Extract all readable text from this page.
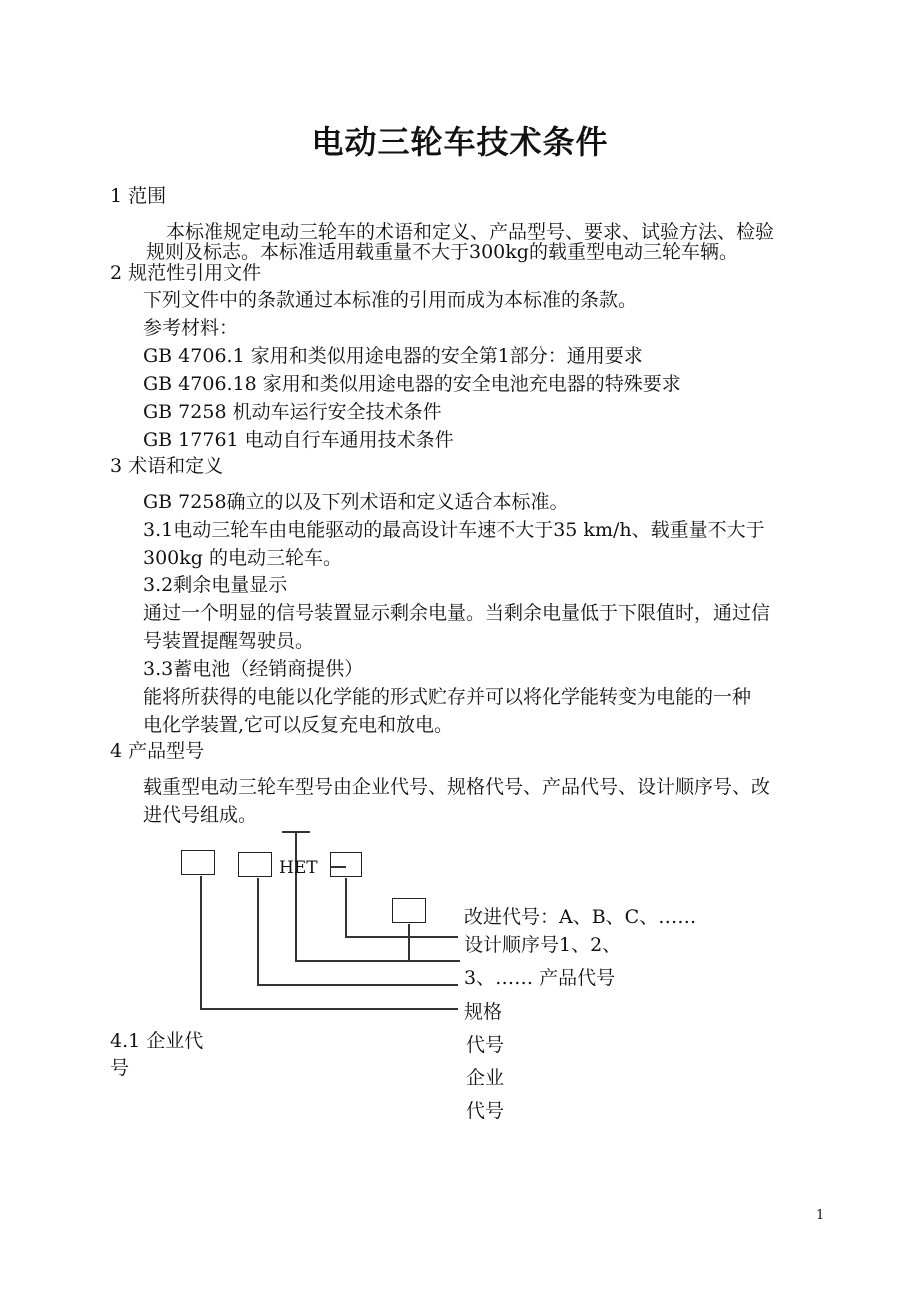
电动三轮车技术条件
1 范围
本标准规定电动三轮车的术语和定义、产品型号、要求、试验方法、检验
规则及标志。本标准适用载重量不大于300kg的载重型电动三轮车辆。
2 规范性引用文件
下列文件中的条款通过本标准的引用而成为本标准的条款。
参考材料：
GB 4706.1 家用和类似用途电器的安全第1部分：通用要求
GB 4706.18 家用和类似用途电器的安全电池充电器的特殊要求
GB 7258 机动车运行安全技术条件
GB 17761 电动自行车通用技术条件
3 术语和定义
GB 7258确立的以及下列术语和定义适合本标准。
3.1电动三轮车由电能驱动的最高设计车速不大于35 km/h、载重量不大于
300kg 的电动三轮车。
3.2剩余电量显示
通过一个明显的信号装置显示剩余电量。当剩余电量低于下限值时，通过信
号装置提醒驾驶员。
3.3蓄电池（经销商提供）
能将所获得的电能以化学能的形式贮存并可以将化学能转变为电能的一种
电化学装置,它可以反复充电和放电。
4 产品型号
载重型电动三轮车型号由企业代号、规格代号、产品代号、设计顺序号、改
进代号组成。
HET
改进代号：A、B、C、……
设计顺序号1、2、
3、…… 产品代号
规格
代号
企业
代号
4.1 企业代
号
1
